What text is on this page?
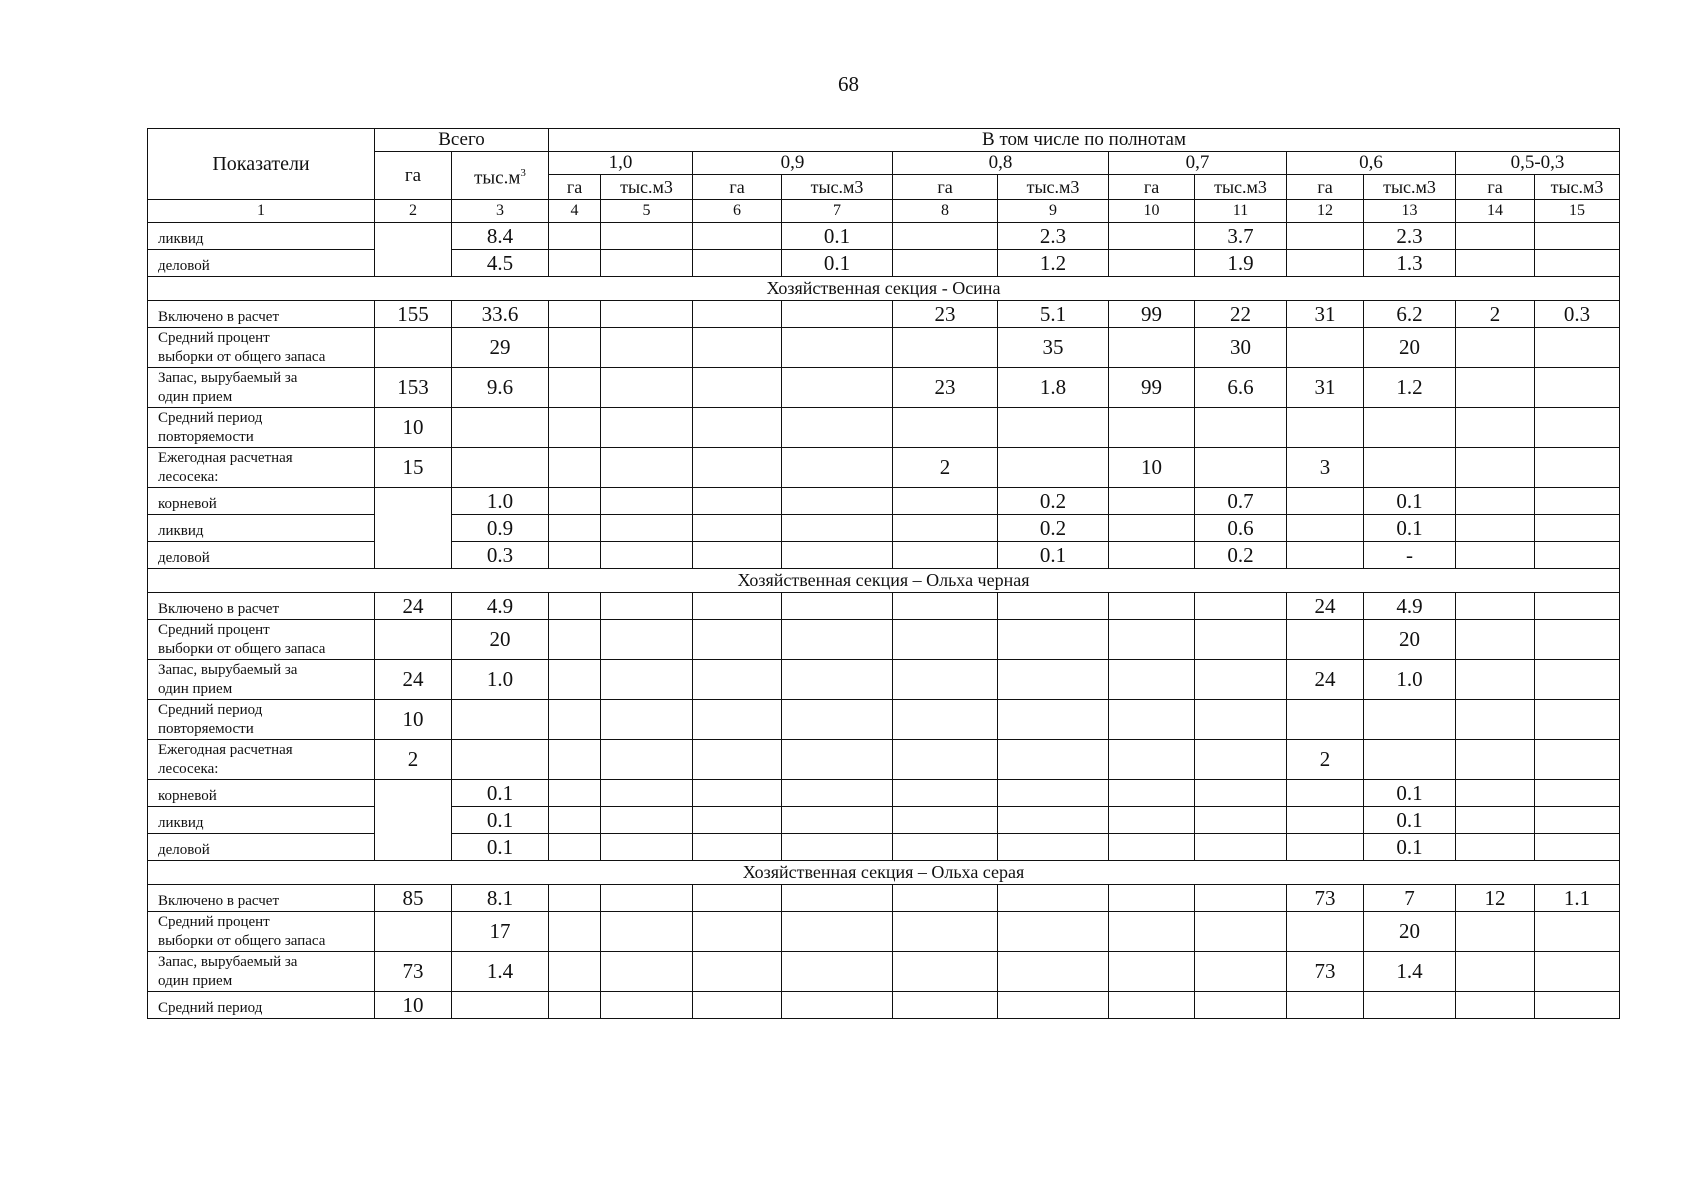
68
Показатели	Всего		В том числе по полнотам											
	га	$тыс.м^3$	1,0		0,9		0,8		0,7		0,6		0,5-0,3	
			га	тыс.м3	га	тыс.м3	га	тыс.м3	га	тыс.м3	га	тыс.м3	га	тыс.м3
1	2	3	4	5	6	7	8	9	10	11	12	13	14	15
ликвид		8.4				0.1		2.3		3.7		2.3		
деловой		4.5				0.1		1.2		1.9		1.3		
Хозяйственная секция - Осина														
Включено в расчет	155	33.6					23	5.1	99	22	31	6.2	2	0.3
Средний процент
выборки от общего запаса		29						35		30		20		
Запас, вырубаемый за
один прием	153	9.6					23	1.8	99	6.6	31	1.2		
Средний период
повторяемости	10													
Ежегодная расчетная
лесосека:	15						2		10		3			
корневой		1.0						0.2		0.7		0.1		
ликвид		0.9						0.2		0.6		0.1		
деловой		0.3						0.1		0.2		-		
Хозяйственная секция – Ольха черная														
Включено в расчет	24	4.9									24	4.9		
Средний процент
выборки от общего запаса		20										20		
Запас, вырубаемый за
один прием	24	1.0									24	1.0		
Средний период
повторяемости	10													
Ежегодная расчетная
лесосека:	2										2			
корневой		0.1										0.1		
ликвид		0.1										0.1		
деловой		0.1										0.1		
Хозяйственная секция – Ольха серая														
Включено в расчет	85	8.1									73	7	12	1.1
Средний процент
выборки от общего запаса		17										20		
Запас, вырубаемый за
один прием	73	1.4									73	1.4		
Средний период	10													
